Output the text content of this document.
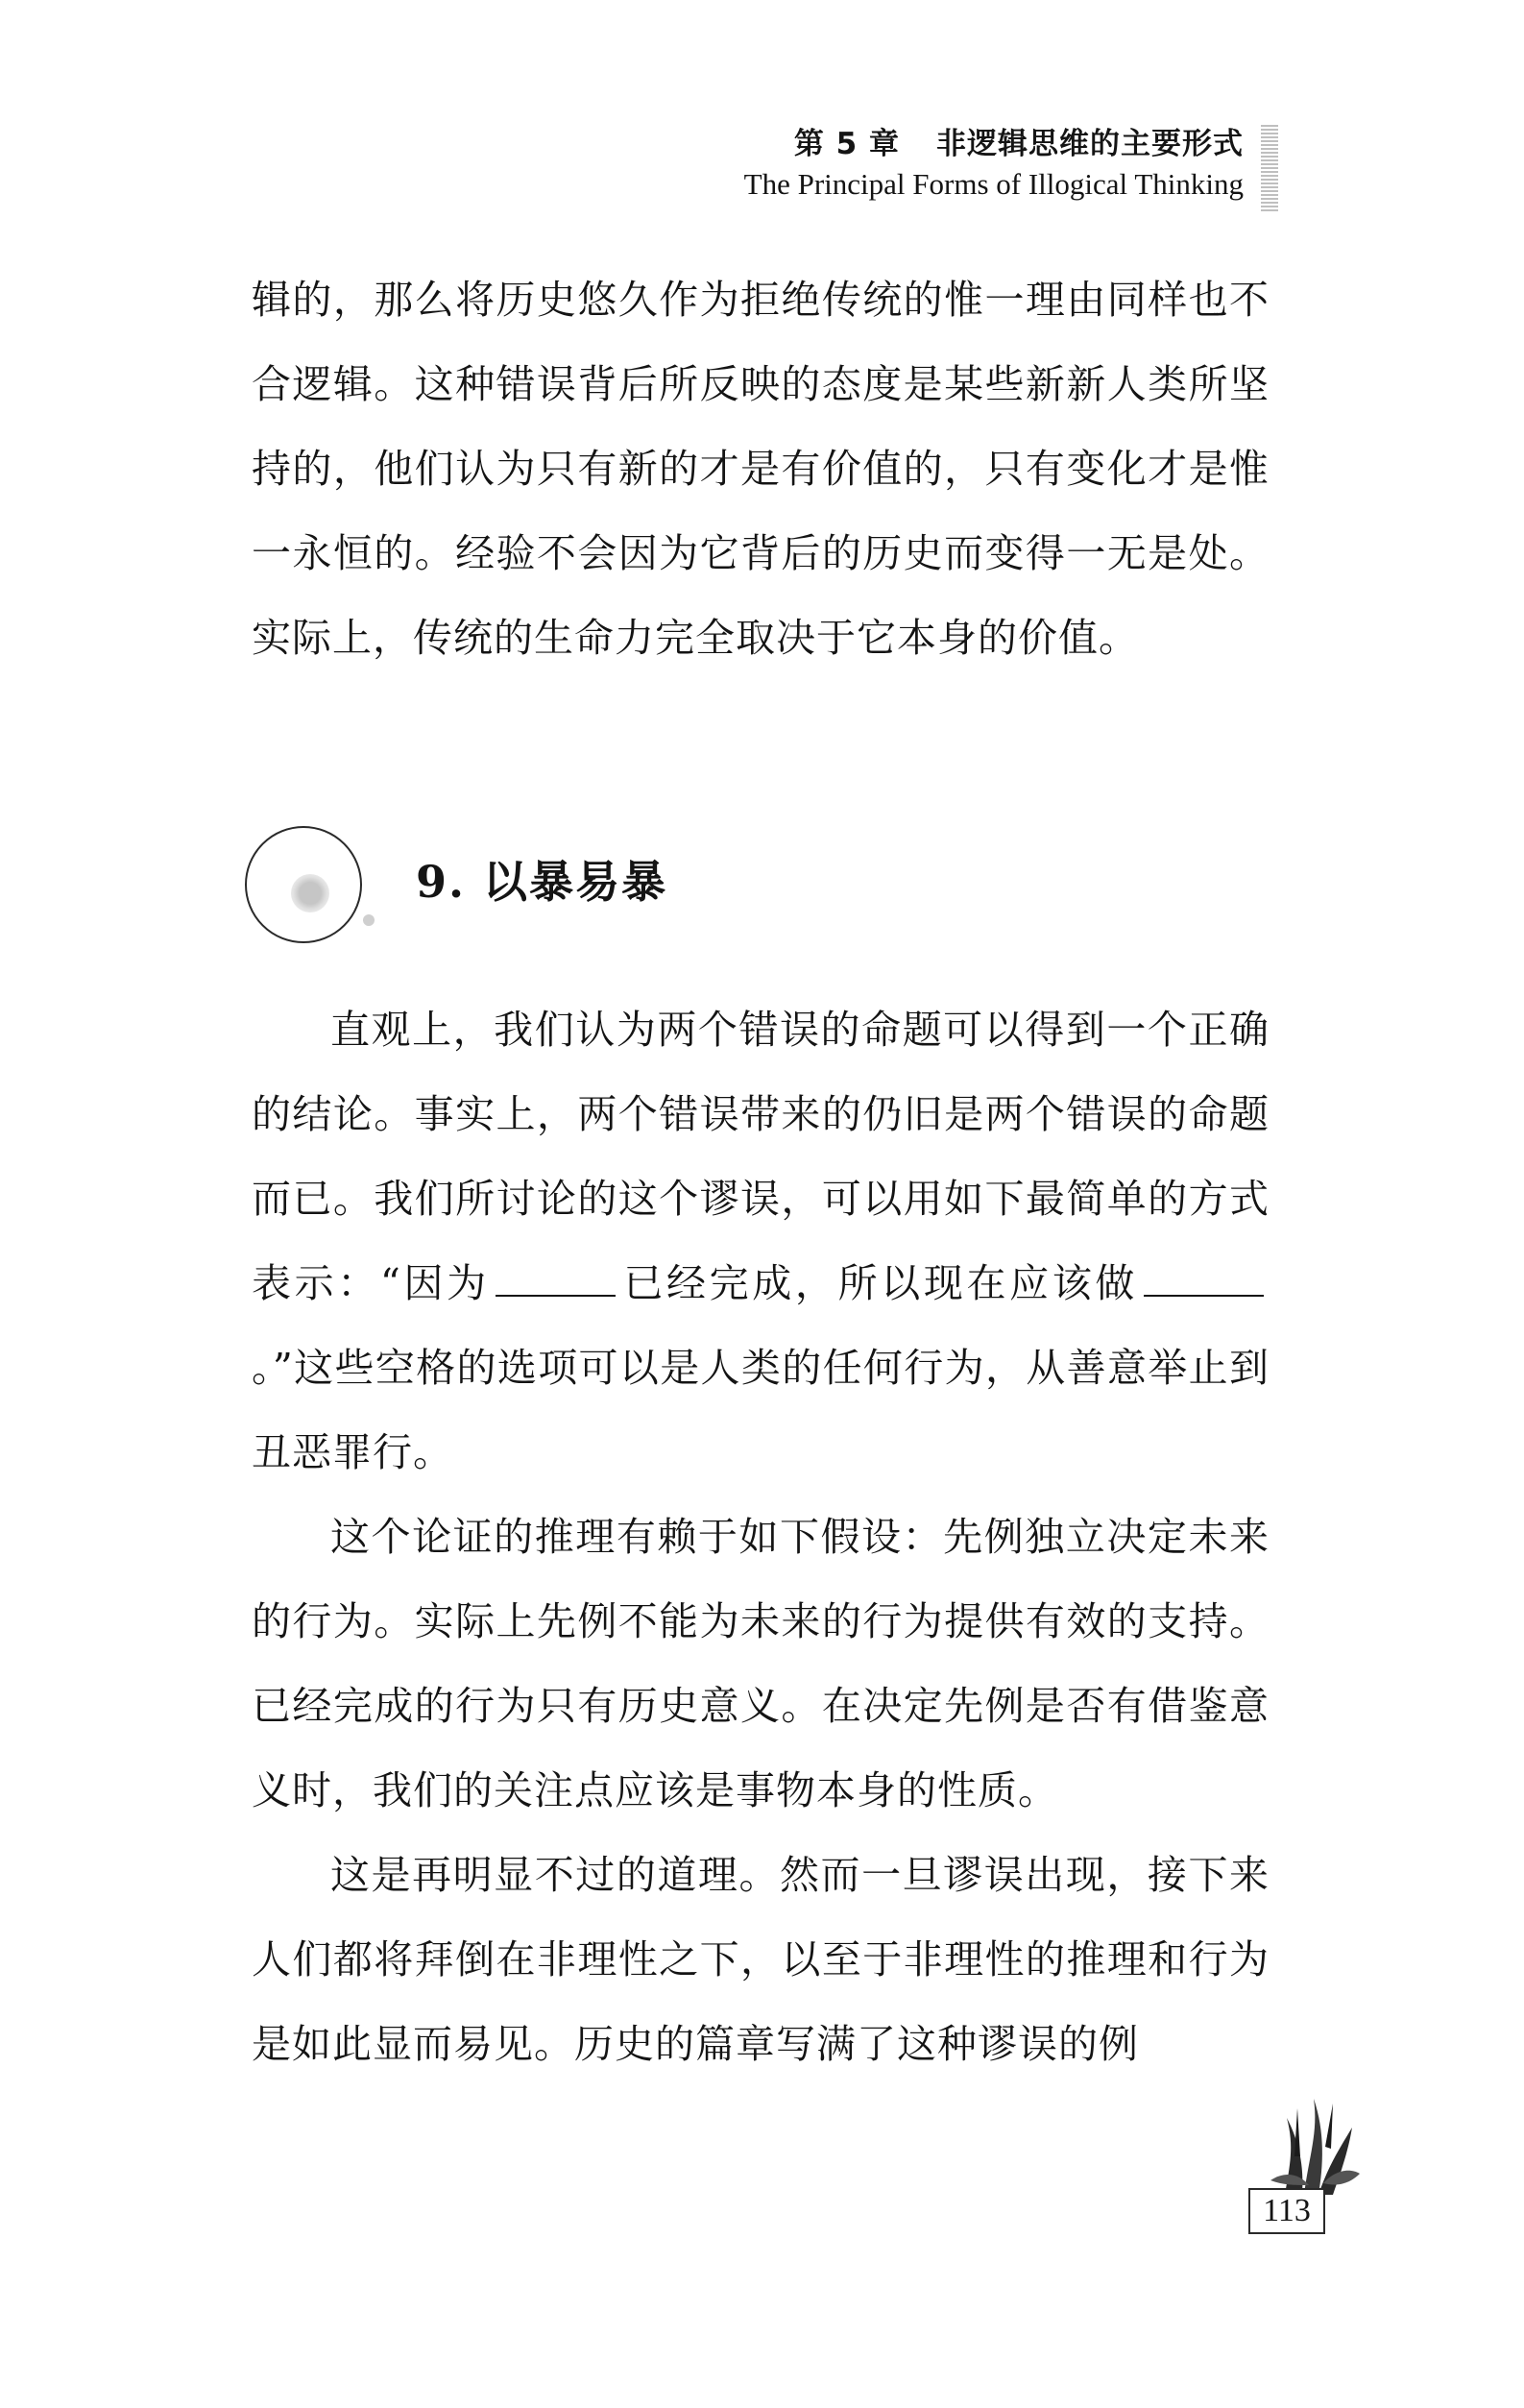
第 5 章 非逻辑思维的主要形式
The Principal Forms of Illogical Thinking

辑的，那么将历史悠久作为拒绝传统的惟一理由同样也不合逻辑。这种错误背后所反映的态度是某些新新人类所坚持的，他们认为只有新的才是有价值的，只有变化才是惟一永恒的。经验不会因为它背后的历史而变得一无是处。实际上，传统的生命力完全取决于它本身的价值。

9. 以暴易暴

直观上，我们认为两个错误的命题可以得到一个正确的结论。事实上，两个错误带来的仍旧是两个错误的命题而已。我们所讨论的这个谬误，可以用如下最简单的方式表示：“因为	已经完成，所以现在应该做。”这些空格的选项可以是人类的任何行为，从善意举止到丑恶罪行。

这个论证的推理有赖于如下假设：先例独立决定未来的行为。实际上先例不能为未来的行为提供有效的支持。已经完成的行为只有历史意义。在决定先例是否有借鉴意义时，我们的关注点应该是事物本身的性质。

这是再明显不过的道理。然而一旦谬误出现，接下来人们都将拜倒在非理性之下，以至于非理性的推理和行为是如此显而易见。历史的篇章写满了这种谬误的例

113
